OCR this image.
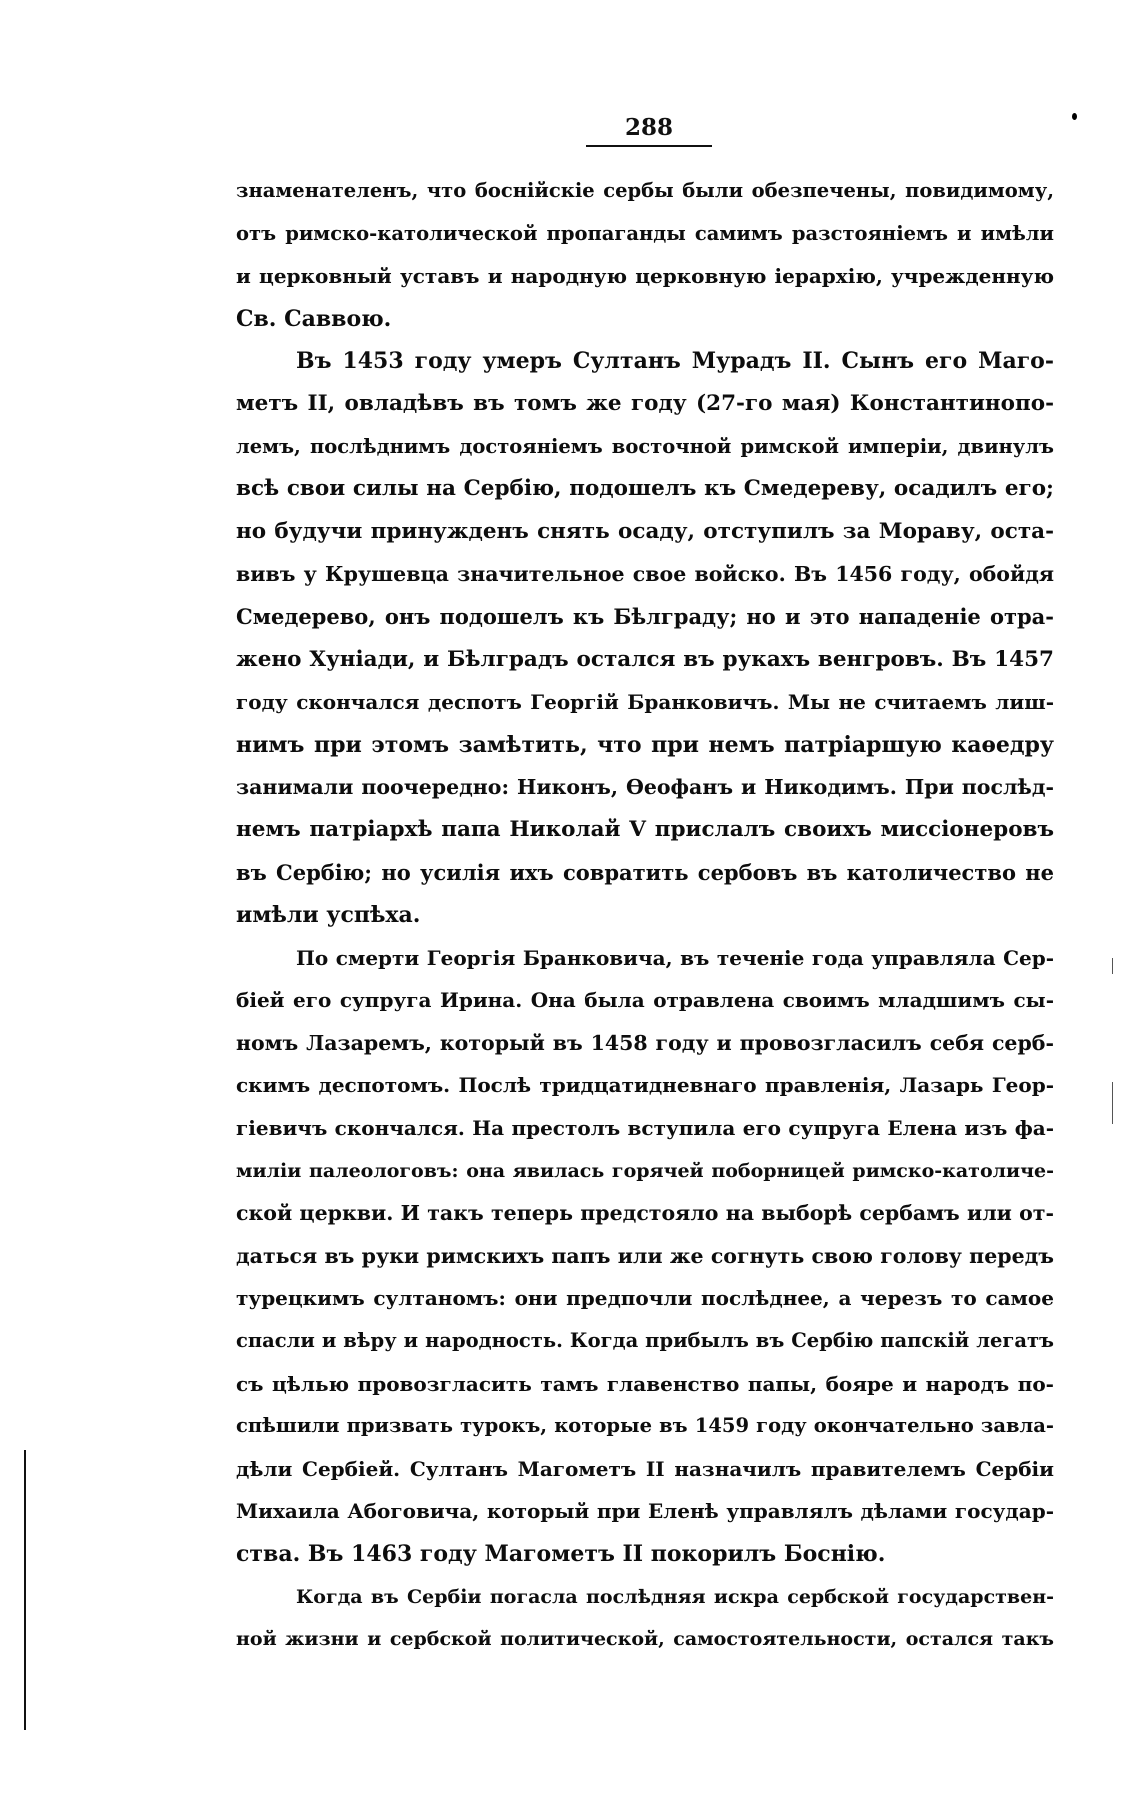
288
знаменателенъ, что боснійскіе сербы были обезпечены, повидимому,
отъ римско-католической пропаганды самимъ разстояніемъ и имѣли
и церковный уставъ и народную церковную іерархію, учрежденную
Св. Саввою.
Въ 1453 году умеръ Султанъ Мурадъ II. Сынъ его Маго-
метъ II, овладѣвъ въ томъ же году (27-го мая) Константинопо-
лемъ, послѣднимъ достояніемъ восточной римской имперіи, двинулъ
всѣ свои силы на Сербію, подошелъ къ Смедереву, осадилъ его;
но будучи принужденъ снять осаду, отступилъ за Мораву, оста-
вивъ у Крушевца значительное свое войско. Въ 1456 году, обойдя
Смедерево, онъ подошелъ къ Бѣлграду; но и это нападеніе отра-
жено Хуніади, и Бѣлградъ остался въ рукахъ венгровъ. Въ 1457
году скончался деспотъ Георгій Бранковичъ. Мы не считаемъ лиш-
нимъ при этомъ замѣтить, что при немъ патріаршую каѳедру
занимали поочередно: Никонъ, Ѳеофанъ и Никодимъ. При послѣд-
немъ патріархѣ папа Николай V прислалъ своихъ миссіонеровъ
въ Сербію; но усилія ихъ совратить сербовъ въ католичество не
имѣли успѣха.
По смерти Георгія Бранковича, въ теченіе года управляла Сер-
біей его супруга Ирина. Она была отравлена своимъ младшимъ сы-
номъ Лазаремъ, который въ 1458 году и провозгласилъ себя серб-
скимъ деспотомъ. Послѣ тридцатидневнаго правленія, Лазарь Геор-
гіевичъ скончался. На престолъ вступила его супруга Елена изъ фа-
миліи палеологовъ: она явилась горячей поборницей римско-католиче-
ской церкви. И такъ теперь предстояло на выборѣ сербамъ или от-
даться въ руки римскихъ папъ или же согнуть свою голову передъ
турецкимъ султаномъ: они предпочли послѣднее, а черезъ то самое
спасли и вѣру и народность. Когда прибылъ въ Сербію папскій легатъ
съ цѣлью провозгласить тамъ главенство папы, бояре и народъ по-
спѣшили призвать турокъ, которые въ 1459 году окончательно завла-
дѣли Сербіей. Султанъ Магометъ II назначилъ правителемъ Сербіи
Михаила Абоговича, который при Еленѣ управлялъ дѣлами государ-
ства. Въ 1463 году Магометъ II покорилъ Боснію.
Когда въ Сербіи погасла послѣдняя искра сербской государствен-
ной жизни и сербской политической, самостоятельности, остался такъ
